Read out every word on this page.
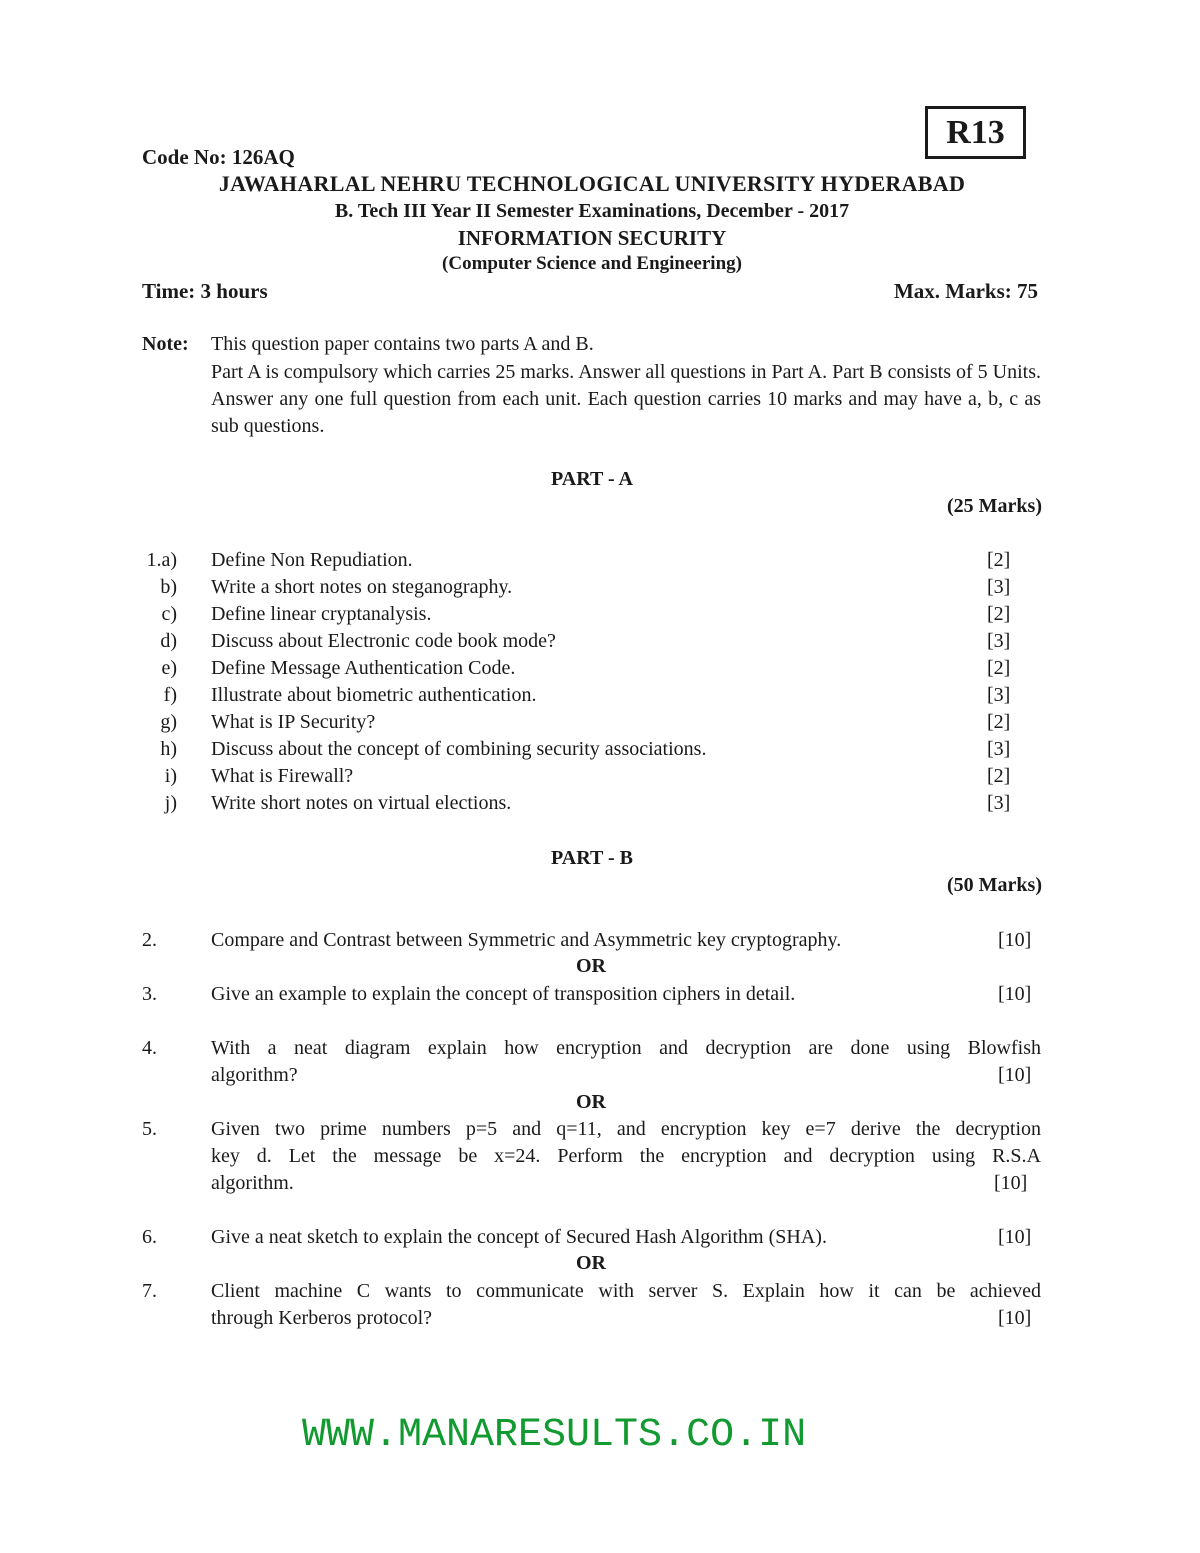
R13
Code No: 126AQ
JAWAHARLAL NEHRU TECHNOLOGICAL UNIVERSITY HYDERABAD
B. Tech III Year II Semester Examinations, December - 2017
INFORMATION SECURITY
(Computer Science and Engineering)
Time: 3 hours	Max. Marks: 75
Note: This question paper contains two parts A and B.
Part A is compulsory which carries 25 marks. Answer all questions in Part A. Part B consists of 5 Units. Answer any one full question from each unit. Each question carries 10 marks and may have a, b, c as sub questions.
PART - A
(25 Marks)
1.a) Define Non Repudiation.	[2]
b) Write a short notes on steganography.	[3]
c) Define linear cryptanalysis.	[2]
d) Discuss about Electronic code book mode?	[3]
e) Define Message Authentication Code.	[2]
f) Illustrate about biometric authentication.	[3]
g) What is IP Security?	[2]
h) Discuss about the concept of combining security associations.	[3]
i) What is Firewall?	[2]
j) Write short notes on virtual elections.	[3]
PART - B
(50 Marks)
2.	Compare and Contrast between Symmetric and Asymmetric key cryptography.	[10]
OR
3.	Give an example to explain the concept of transposition ciphers in detail.	[10]
4.	With a neat diagram explain how encryption and decryption are done using Blowfish
algorithm?	[10]
OR
5.	Given two prime numbers p=5 and q=11, and encryption key e=7 derive the decryption
key d. Let the message be x=24. Perform the encryption and decryption using R.S.A
algorithm.	[10]
6.	Give a neat sketch to explain the concept of Secured Hash Algorithm (SHA).	[10]
OR
7.	Client machine C wants to communicate with server S. Explain how it can be achieved
through Kerberos protocol?	[10]
WWW.MANARESULTS.CO.IN
